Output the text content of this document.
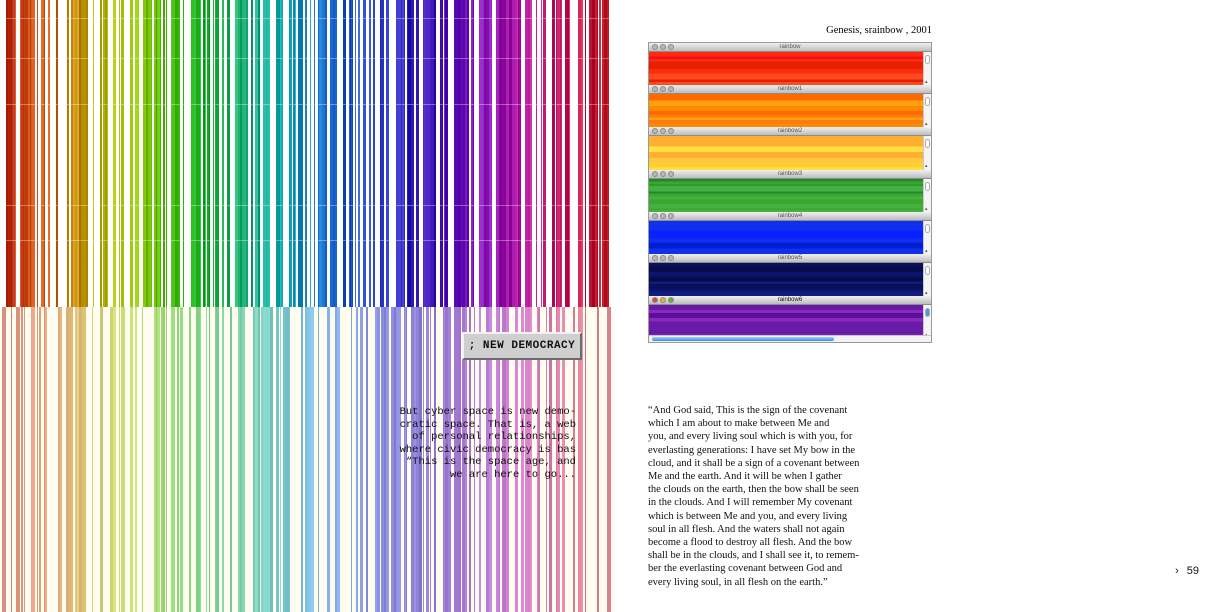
; NEW DEMOCRACY
But cyber space is new demo-
cratic space. That is, a web
of personal relationships,
where civic democracy is bas
“This is the space age, and
we are here to go...
Genesis, srainbow , 2001
rainbow
▴
rainbow1
▴
rainbow2
▴
rainbow3
▴
rainbow4
▴
rainbow5
▴
rainbow6
“And God said, This is the sign of the covenant
which I am about to make between Me and
you, and every living soul which is with you, for
everlasting generations: I have set My bow in the
cloud, and it shall be a sign of a covenant between
Me and the earth. And it will be when I gather
the clouds on the earth, then the bow shall be seen
in the clouds. And I will remember My covenant
which is between Me and you, and every living
soul in all flesh. And the waters shall not again
become a flood to destroy all flesh. And the bow
shall be in the clouds, and I shall see it, to remem-
ber the everlasting covenant between God and
every living soul, in all flesh on the earth.”
› 59
